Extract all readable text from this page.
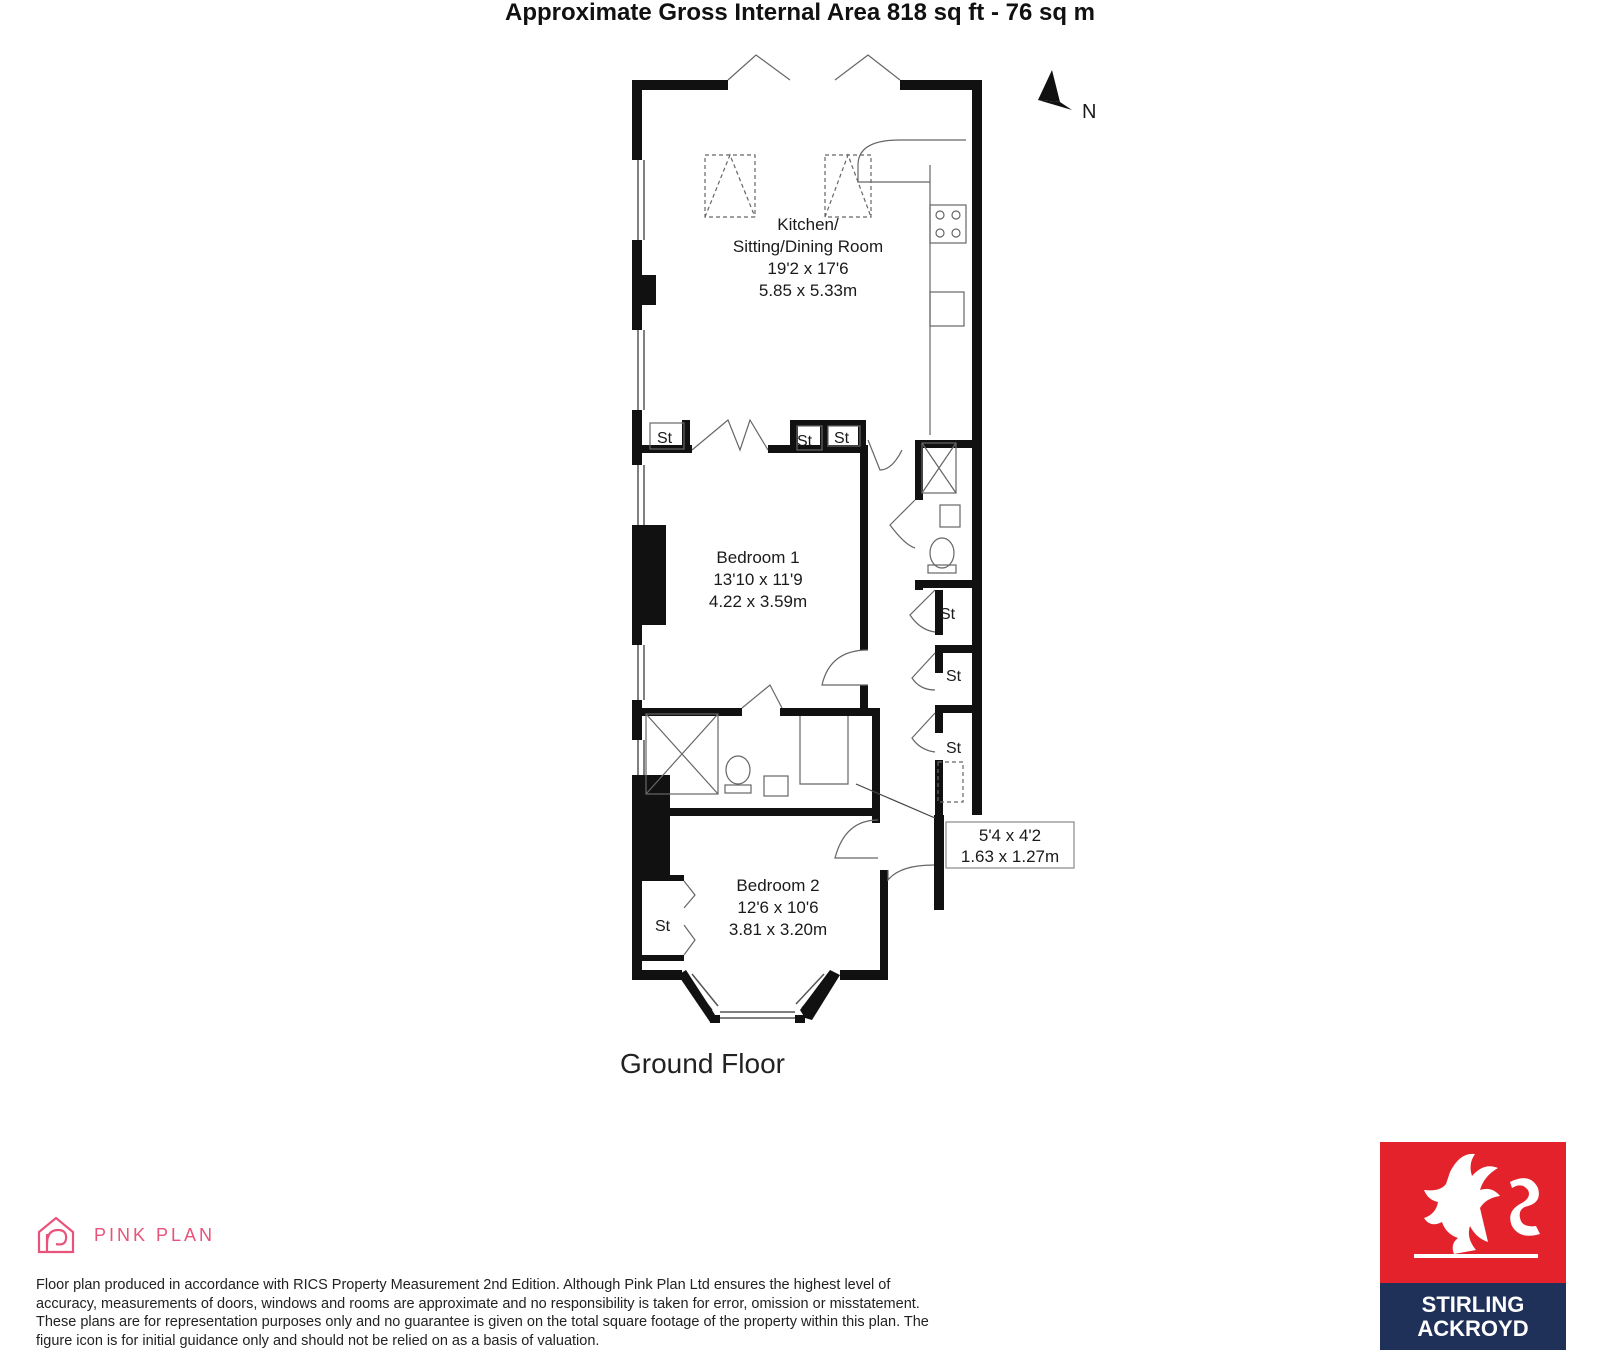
Approximate Gross Internal Area 818 sq ft - 76 sq m
N
Kitchen/
Sitting/Dining Room
19'2 x 17'6
5.85 x 5.33m
Bedroom 1
13'10 x 11'9
4.22 x 3.59m
Bedroom 2
12'6 x 10'6
3.81 x 3.20m
5'4 x 4'2
1.63 x 1.27m
St	St St
St
St
St
St
Ground Floor
PINK PLAN
Floor plan produced in accordance with RICS Property Measurement 2nd Edition. Although Pink Plan Ltd ensures the highest level of accuracy, measurements of doors, windows and rooms are approximate and no responsibility is taken for error, omission or misstatement. These plans are for representation purposes only and no guarantee is given on the total square footage of the property within this plan. The figure icon is for initial guidance only and should not be relied on as a basis of valuation.
STIRLING
ACKROYD
